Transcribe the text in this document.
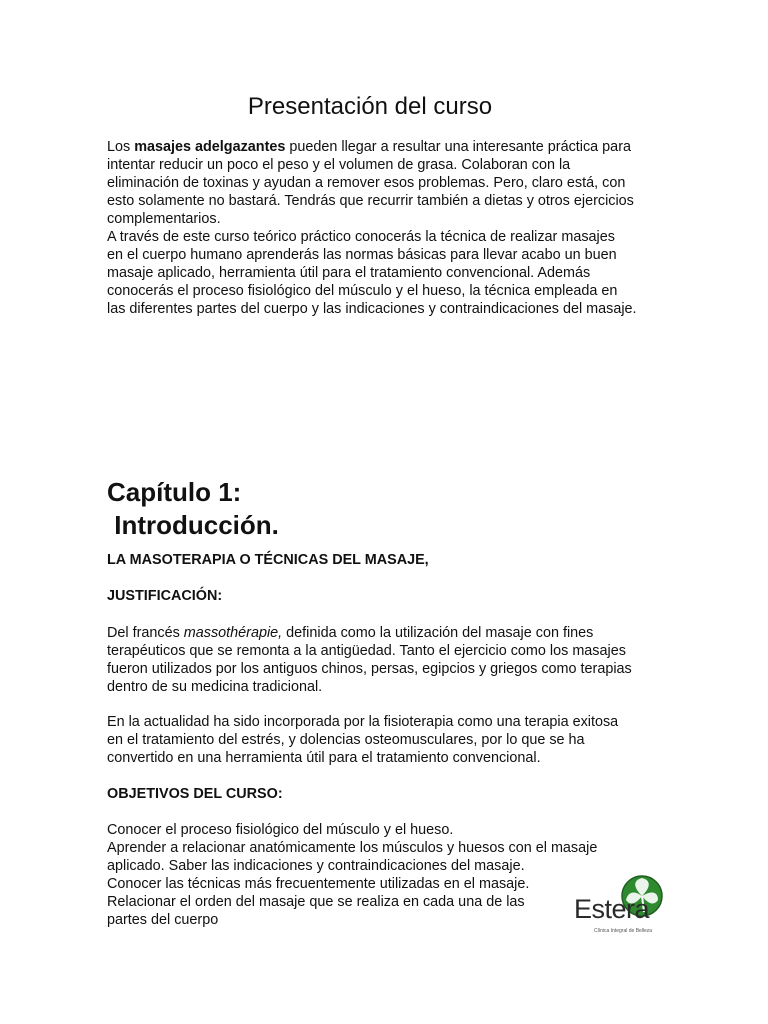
Presentación del curso
Los masajes adelgazantes pueden llegar a resultar una interesante práctica para
intentar reducir un poco el peso y el volumen de grasa. Colaboran con la
eliminación de toxinas y ayudan a remover esos problemas. Pero, claro está, con
esto solamente no bastará. Tendrás que recurrir también a dietas y otros ejercicios
complementarios.
A través de este curso teórico práctico conocerás la técnica de realizar masajes
en el cuerpo humano aprenderás las normas básicas para llevar acabo un buen
masaje aplicado, herramienta útil para el tratamiento convencional. Además
conocerás el proceso fisiológico del músculo y el hueso, la técnica empleada en
las diferentes partes del cuerpo y las indicaciones y contraindicaciones del masaje.
Capítulo 1:
Introducción.

LA MASOTERAPIA O TÉCNICAS DEL MASAJE,

JUSTIFICACIÓN:

Del francés massothérapie, definida como la utilización del masaje con fines
terapéuticos que se remonta a la antigüedad. Tanto el ejercicio como los masajes
fueron utilizados por los antiguos chinos, persas, egipcios y griegos como terapias
dentro de su medicina tradicional.
En la actualidad ha sido incorporada por la fisioterapia como una terapia exitosa
en el tratamiento del estrés, y dolencias osteomusculares, por lo que se ha
convertido en una herramienta útil para el tratamiento convencional.

OBJETIVOS DEL CURSO:

Conocer el proceso fisiológico del músculo y el hueso.
Aprender a relacionar anatómicamente los músculos y huesos con el masaje
aplicado. Saber las indicaciones y contraindicaciones del masaje.
Conocer las técnicas más frecuentemente utilizadas en el masaje.
Relacionar el orden del masaje que se realiza en cada una de las
partes del cuerpo	Estera
Clínica Integral de Belleza
